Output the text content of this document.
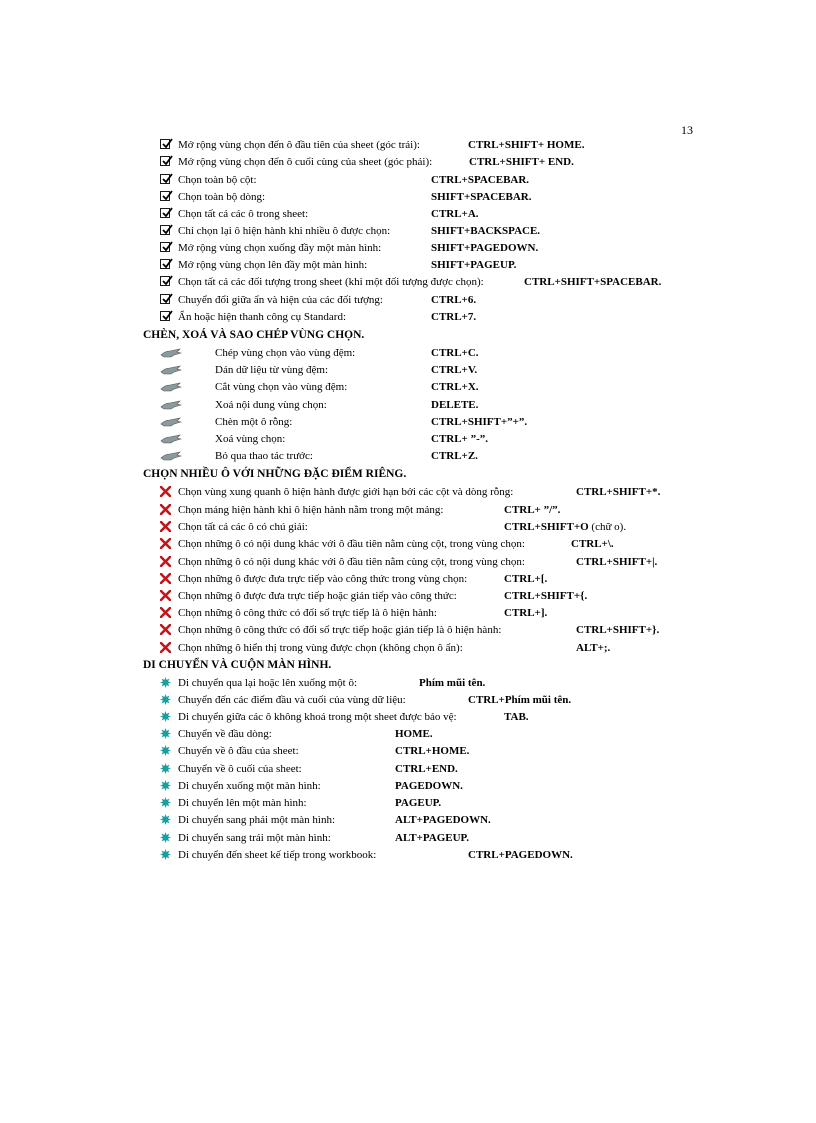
13
Mở rộng vùng chọn đến ô đầu tiên của sheet (góc trái):	CTRL+SHIFT+ HOME.
Mở rộng vùng chọn đến ô cuối cùng của sheet (góc phải):	CTRL+SHIFT+ END.
Chọn toàn bộ cột:	CTRL+SPACEBAR.
Chọn toàn bộ dòng:	SHIFT+SPACEBAR.
Chọn tất cả các ô trong sheet:	CTRL+A.
Chỉ chọn lại ô hiện hành khi nhiều ô được chọn:	SHIFT+BACKSPACE.
Mở rộng vùng chọn xuống đầy một màn hình:	SHIFT+PAGEDOWN.
Mở rộng vùng chọn lên đầy một màn hình:	SHIFT+PAGEUP.
Chọn tất cả các đối tượng trong sheet (khi một đối tượng được chọn):	CTRL+SHIFT+SPACEBAR.
Chuyển đổi giữa ẩn và hiện của các đối tượng:	CTRL+6.
Ẩn hoặc hiện thanh công cụ Standard:	CTRL+7.
CHÈN, XOÁ VÀ SAO CHÉP VÙNG CHỌN.
Chép vùng chọn vào vùng đệm:	CTRL+C.
Dán dữ liệu từ vùng đệm:	CTRL+V.
Cắt vùng chọn vào vùng đệm:	CTRL+X.
Xoá nội dung vùng chọn:	DELETE.
Chèn một ô rỗng:	CTRL+SHIFT+”+”.
Xoá vùng chọn:	CTRL+ ”-”.
Bỏ qua thao tác trước:	CTRL+Z.
CHỌN NHIỀU Ô VỚI NHỮNG ĐẶC ĐIỂM RIÊNG.
Chọn vùng xung quanh ô hiện hành được giới hạn bởi các cột và dòng rỗng:	CTRL+SHIFT+*.
Chọn mảng hiện hành khi ô hiện hành nằm trong một mảng:	CTRL+ ”/”.
Chọn tất cả các ô có chú giải:	CTRL+SHIFT+O (chữ o).
Chọn những ô có nội dung khác với ô đầu tiên nằm cùng cột, trong vùng chọn:	CTRL+\.
Chọn những ô có nội dung khác với ô đầu tiên nằm cùng cột, trong vùng chọn:	CTRL+SHIFT+|.
Chọn những ô được đưa trực tiếp vào công thức trong vùng chọn:	CTRL+[.
Chọn những ô được đưa trực tiếp hoặc gián tiếp vào công thức:	CTRL+SHIFT+{.
Chọn những ô công thức có đối số trực tiếp là ô hiện hành:	CTRL+].
Chọn những ô công thức có đối số trực tiếp hoặc gián tiếp là ô hiện hành:	CTRL+SHIFT+}.
Chọn những ô hiển thị trong vùng được chọn (không chọn ô ẩn):	ALT+;.
DI CHUYỂN VÀ CUỘN MÀN HÌNH.
Di chuyển qua lại hoặc lên xuống một ô:	Phím mũi tên.
Chuyển đến các điểm đầu và cuối của vùng dữ liệu:	CTRL+Phím mũi tên.
Di chuyển giữa các ô không khoá trong một sheet được bảo vệ:	TAB.
Chuyển về đầu dòng:	HOME.
Chuyển về ô đầu của sheet:	CTRL+HOME.
Chuyển về ô cuối của sheet:	CTRL+END.
Di chuyển xuống một màn hình:	PAGEDOWN.
Di chuyển lên một màn hình:	PAGEUP.
Di chuyển sang phải một màn hình:	ALT+PAGEDOWN.
Di chuyển sang trái một màn hình:	ALT+PAGEUP.
Di chuyển đến sheet kế tiếp trong workbook:	CTRL+PAGEDOWN.
